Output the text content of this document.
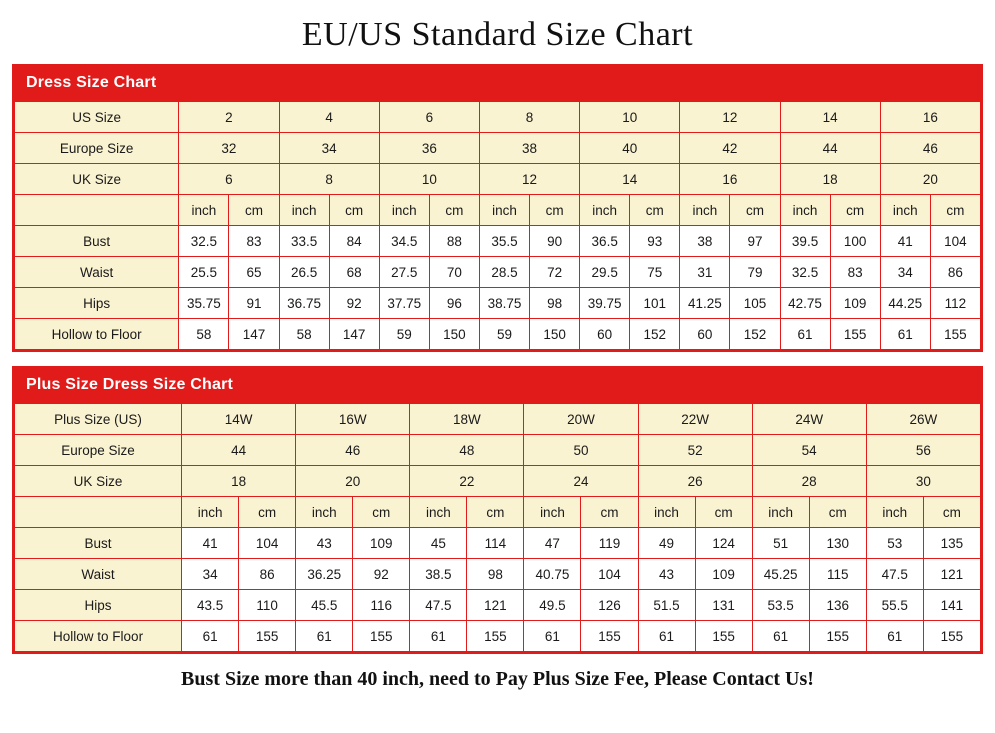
EU/US Standard Size Chart
Dress Size Chart
US Size	2		4		6		8		10		12		14		16	
Europe Size	32		34		36		38		40		42		44		46	
UK Size	6		8		10		12		14		16		18		20	
	inch	cm	inch	cm	inch	cm	inch	cm	inch	cm	inch	cm	inch	cm	inch	cm
Bust	32.5	83	33.5	84	34.5	88	35.5	90	36.5	93	38	97	39.5	100	41	104
Waist	25.5	65	26.5	68	27.5	70	28.5	72	29.5	75	31	79	32.5	83	34	86
Hips	35.75	91	36.75	92	37.75	96	38.75	98	39.75	101	41.25	105	42.75	109	44.25	112
Hollow to Floor	58	147	58	147	59	150	59	150	60	152	60	152	61	155	61	155
Plus Size Dress Size Chart
Plus Size (US)	14W		16W		18W		20W		22W		24W		26W	
Europe Size	44		46		48		50		52		54		56	
UK Size	18		20		22		24		26		28		30	
	inch	cm	inch	cm	inch	cm	inch	cm	inch	cm	inch	cm	inch	cm
Bust	41	104	43	109	45	114	47	119	49	124	51	130	53	135
Waist	34	86	36.25	92	38.5	98	40.75	104	43	109	45.25	115	47.5	121
Hips	43.5	110	45.5	116	47.5	121	49.5	126	51.5	131	53.5	136	55.5	141
Hollow to Floor	61	155	61	155	61	155	61	155	61	155	61	155	61	155
Bust Size more than 40 inch, need to Pay Plus Size Fee, Please Contact Us!
